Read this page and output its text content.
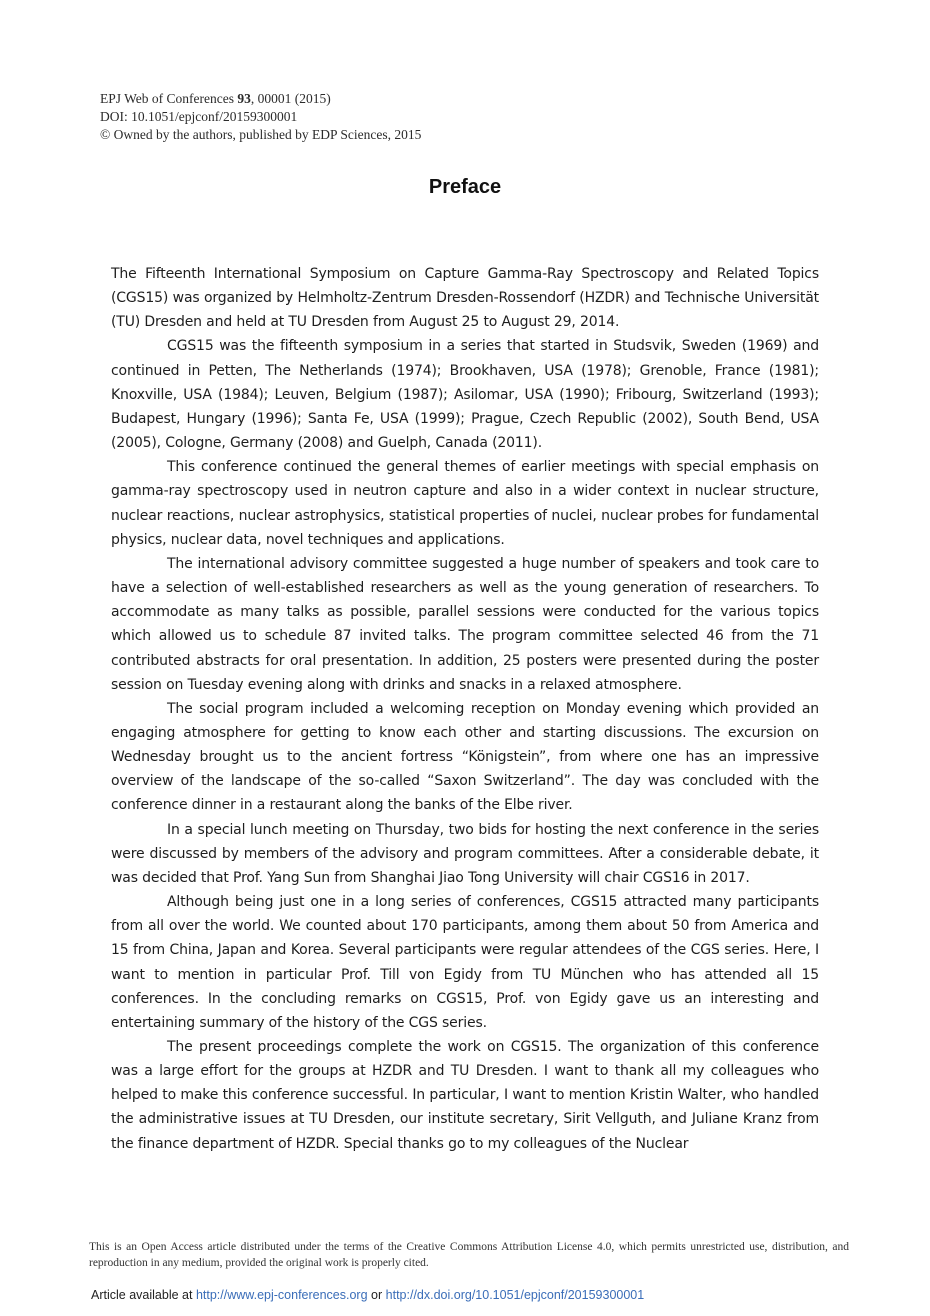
EPJ Web of Conferences 93, 00001 (2015)
DOI: 10.1051/epjconf/20159300001
© Owned by the authors, published by EDP Sciences, 2015
Preface

The Fifteenth International Symposium on Capture Gamma-Ray Spectroscopy and Related Topics (CGS15) was organized by Helmholtz-Zentrum Dresden-Rossendorf (HZDR) and Technische Universität (TU) Dresden and held at TU Dresden from August 25 to August 29, 2014.

CGS15 was the fifteenth symposium in a series that started in Studsvik, Sweden (1969) and continued in Petten, The Netherlands (1974); Brookhaven, USA (1978); Grenoble, France (1981); Knoxville, USA (1984); Leuven, Belgium (1987); Asilomar, USA (1990); Fribourg, Switzerland (1993); Budapest, Hungary (1996); Santa Fe, USA (1999); Prague, Czech Republic (2002), South Bend, USA (2005), Cologne, Germany (2008) and Guelph, Canada (2011).

This conference continued the general themes of earlier meetings with special emphasis on gamma-ray spectroscopy used in neutron capture and also in a wider context in nuclear structure, nuclear reactions, nuclear astrophysics, statistical properties of nuclei, nuclear probes for fundamental physics, nuclear data, novel techniques and applications.

The international advisory committee suggested a huge number of speakers and took care to have a selection of well-established researchers as well as the young generation of researchers. To accommodate as many talks as possible, parallel sessions were conducted for the various topics which allowed us to schedule 87 invited talks. The program committee selected 46 from the 71 contributed abstracts for oral presentation. In addition, 25 posters were presented during the poster session on Tuesday evening along with drinks and snacks in a relaxed atmosphere.

The social program included a welcoming reception on Monday evening which provided an engaging atmosphere for getting to know each other and starting discussions. The excursion on Wednesday brought us to the ancient fortress “Königstein”, from where one has an impressive overview of the landscape of the so-called “Saxon Switzerland”. The day was concluded with the conference dinner in a restaurant along the banks of the Elbe river.

In a special lunch meeting on Thursday, two bids for hosting the next conference in the series were discussed by members of the advisory and program committees. After a considerable debate, it was decided that Prof. Yang Sun from Shanghai Jiao Tong University will chair CGS16 in 2017.

Although being just one in a long series of conferences, CGS15 attracted many participants from all over the world. We counted about 170 participants, among them about 50 from America and 15 from China, Japan and Korea. Several participants were regular attendees of the CGS series. Here, I want to mention in particular Prof. Till von Egidy from TU München who has attended all 15 conferences. In the concluding remarks on CGS15, Prof. von Egidy gave us an interesting and entertaining summary of the history of the CGS series.

The present proceedings complete the work on CGS15. The organization of this conference was a large effort for the groups at HZDR and TU Dresden. I want to thank all my colleagues who helped to make this conference successful. In particular, I want to mention Kristin Walter, who handled the administrative issues at TU Dresden, our institute secretary, Sirit Vellguth, and Juliane Kranz from the finance department of HZDR. Special thanks go to my colleagues of the Nuclear

This is an Open Access article distributed under the terms of the Creative Commons Attribution License 4.0, which permits unrestricted use, distribution, and reproduction in any medium, provided the original work is properly cited.
Article available at http://www.epj-conferences.org or http://dx.doi.org/10.1051/epjconf/20159300001
